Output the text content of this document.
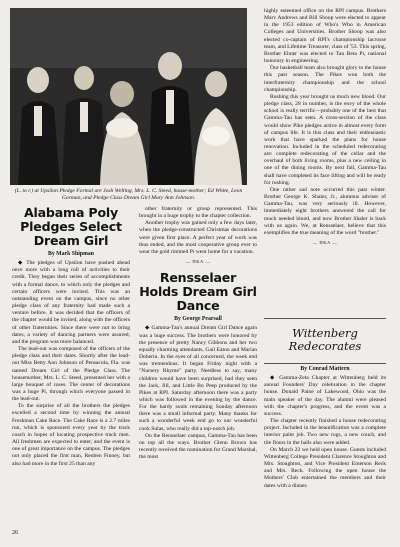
(L. to r.) at Upsilon Pledge Formal are Josh Welling, Mrs. L. C. Steed, house-mother; Ed White, Leon Gorman, and Pledge Class Dream Girl Mary Ann Johnson.
Alabama Poly Pledges Select Dream Girl
By Mark Shipman

◆ The pledges of Upsilon have pushed ahead once more with a long roll of activities to their credit. They began their series of accomplishments with a formal dance, to which only the pledges and certain officers were invited. This was an outstanding event on the campus, since no other pledge class of any fraternity had made such a venture before. It was decided that the officers of the chapter would be invited, along with the officers of other fraternities. Since there were not to bring dates, a variety of dancing partners were assured, and the program was more balanced.

The lead-out was composed of the officers of the pledge class and their dates. Shortly after the lead-out Miss Betty Ann Johnson of Pensacola, Fla. was named Dream Girl of the Pledge Class. The housemother, Mrs. L. C. Steed, presented her with a large bouquet of roses. The center of decorations was a huge Pi, through which everyone passed in the lead-out.

To the surprise of all the brothers the pledges excelled a second time by winning the annual Freshman Cake Race. The Cake Race is a 2.7 miles run, which is sponsored every year by the track coach in hopes of locating prospective track men. All freshmen are expected to enter, and the event is one of great importance on the campus. The pledges not only placed the first man, Reuben Finney, but also had more in the first 25 than any

other fraternity or group represented. This brought in a huge trophy to the chapter collection.

Another trophy was gained only a few days later, when the pledge-constructed Christmas decorations were given first place. A perfect year of work was thus ended, and the most cooperative group ever to wear the gold rimmed Pi went home for a vacation.

— ΠΚΑ —
Rensselaer Holds Dream Girl Dance
By George Pearsall

◆ Gamma-Tau's annual Dream Girl Dance again was a huge success. The brothers were honored by the presence of pretty Nancy Gibbons and her two equally charming attendants, Gail Eaton and Marian Doherin. In the eyes of all concerned, the week end was tremendous. It began Friday night with a "Nursery Rhyme" party. Needless to say, many children would have been surprised, had they seen the Jack, Jill, and Little Bo Peep produced by the Pikes at RPI. Saturday afternoon there was a party which was followed in the evening by the dance. For the hardy souls remaining Sunday afternoon there was a small informal party. Many thanks for such a wonderful week end go to our wonderful cook Sulas, who really did a top-notch job.

On the Rensselaer campus, Gamma-Tau has been on top all the ways. Brother Glenn Brown has recently received the nomination for Grand Marshal, the most

highly esteemed office on the RPI campus. Brothers Marv Andrews and Bill Shoop were elected to appear in the 1953 edition of Who's Who in American Colleges and Universities. Brother Shoop was also elected co-captain of RPI's championship lacrosse team, and Lifetime Treasurer, class of '53. This spring, Brother Ebner was elected to Tau Beta Pi, national honorary in engineering.

Our basketball team also brought glory to the house this past season. The Pikes won both the interfraternity championship and the school championship.

Rushing this year brought us much new blood. Our pledge class, 28 in number, is the envy of the whole school is really terrific—probably one of the best that Gamma-Tau has seen. A cross-section of the class would show Pike pledges active in almost every form of campus life. It is this class and their enthusiastic work that have sparked the plans for house renovation. Included in the scheduled redecorating are: complete redecorating of the cellar and the overhaul of both living rooms, plus a new ceiling in one of the dining rooms. By next fall, Gamma-Tau shall have completed its face lifting and will be ready for rushing.

One rather sad note occurred this past winter. Brother George K. Shaler, Jr., alumnus adviser of Gamma-Tau, was very seriously ill. However, immediately eight brothers answered the call for much needed blood, and now Brother Shaler is back with us again. We, at Rensselaer, believe that this exemplifies the true meaning of the word "brother."

— ΠΚΑ —
Wittenberg Redecorates
By Conrad Mattern

◆ Gamma-Zeta Chapter at Wittenberg held its annual Founders' Day celebration in the chapter house. Donald Paine of Lakewood, Ohio was the main speaker of the day. The alumni were pleased with the chapter's progress, and the event was a success.

The chapter recently finished a house redecorating project. Included in the beautification was a complete interior paint job. Two new rugs, a new couch, and tile floors in the halls also were added.

On March 22 we held open house. Guests included Wittenberg College President Clarence Stoughton and Mrs. Stoughton, and Vice President Emerson Reck and Mrs. Reck. Following the open house the Mothers' Club entertained the members and their dates with a dinner.

26
